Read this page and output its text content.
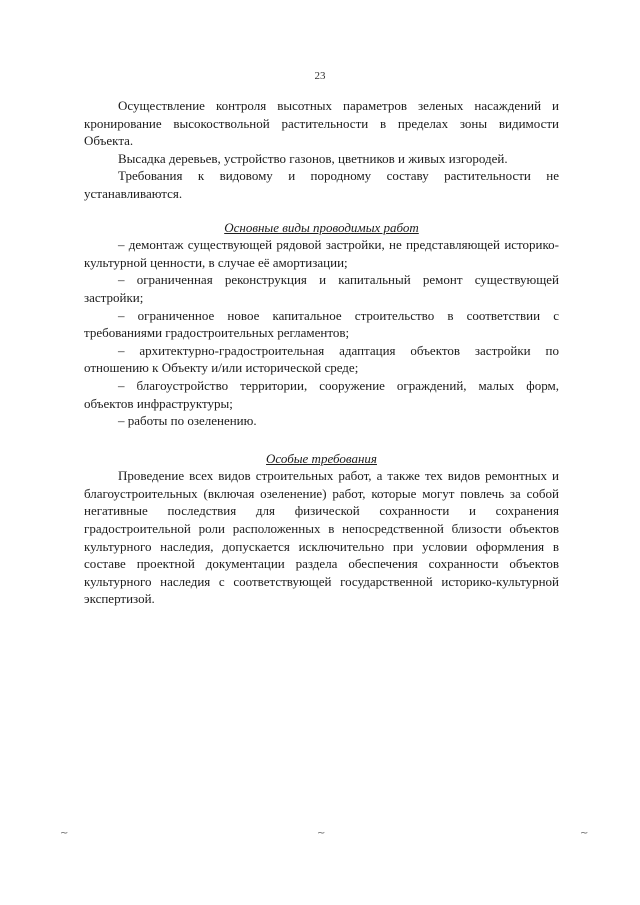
23

Осуществление контроля высотных параметров зеленых насаждений и кронирование высокоствольной растительности в пределах зоны видимости Объекта.

Высадка деревьев, устройство газонов, цветников и живых изгородей.

Требования к видовому и породному составу растительности не устанавливаются.

Основные виды проводимых работ

– демонтаж существующей рядовой застройки, не представляющей историко-культурной ценности, в случае её амортизации;

– ограниченная реконструкция и капитальный ремонт существующей застройки;

– ограниченное новое капитальное строительство в соответствии с требованиями градостроительных регламентов;

– архитектурно-градостроительная адаптация объектов застройки по отношению к Объекту и/или исторической среде;

– благоустройство территории, сооружение ограждений, малых форм, объектов инфраструктуры;

– работы по озеленению.

Особые требования

Проведение всех видов строительных работ, а также тех видов ремонтных и благоустроительных (включая озеленение) работ, которые могут повлечь за собой негативные последствия для физической сохранности и сохранения градостроительной роли расположенных в непосредственной близости объектов культурного наследия, допускается исключительно при условии оформления в составе проектной документации раздела обеспечения сохранности объектов культурного наследия с соответствующей государственной историко-культурной экспертизой.

~	~	~
